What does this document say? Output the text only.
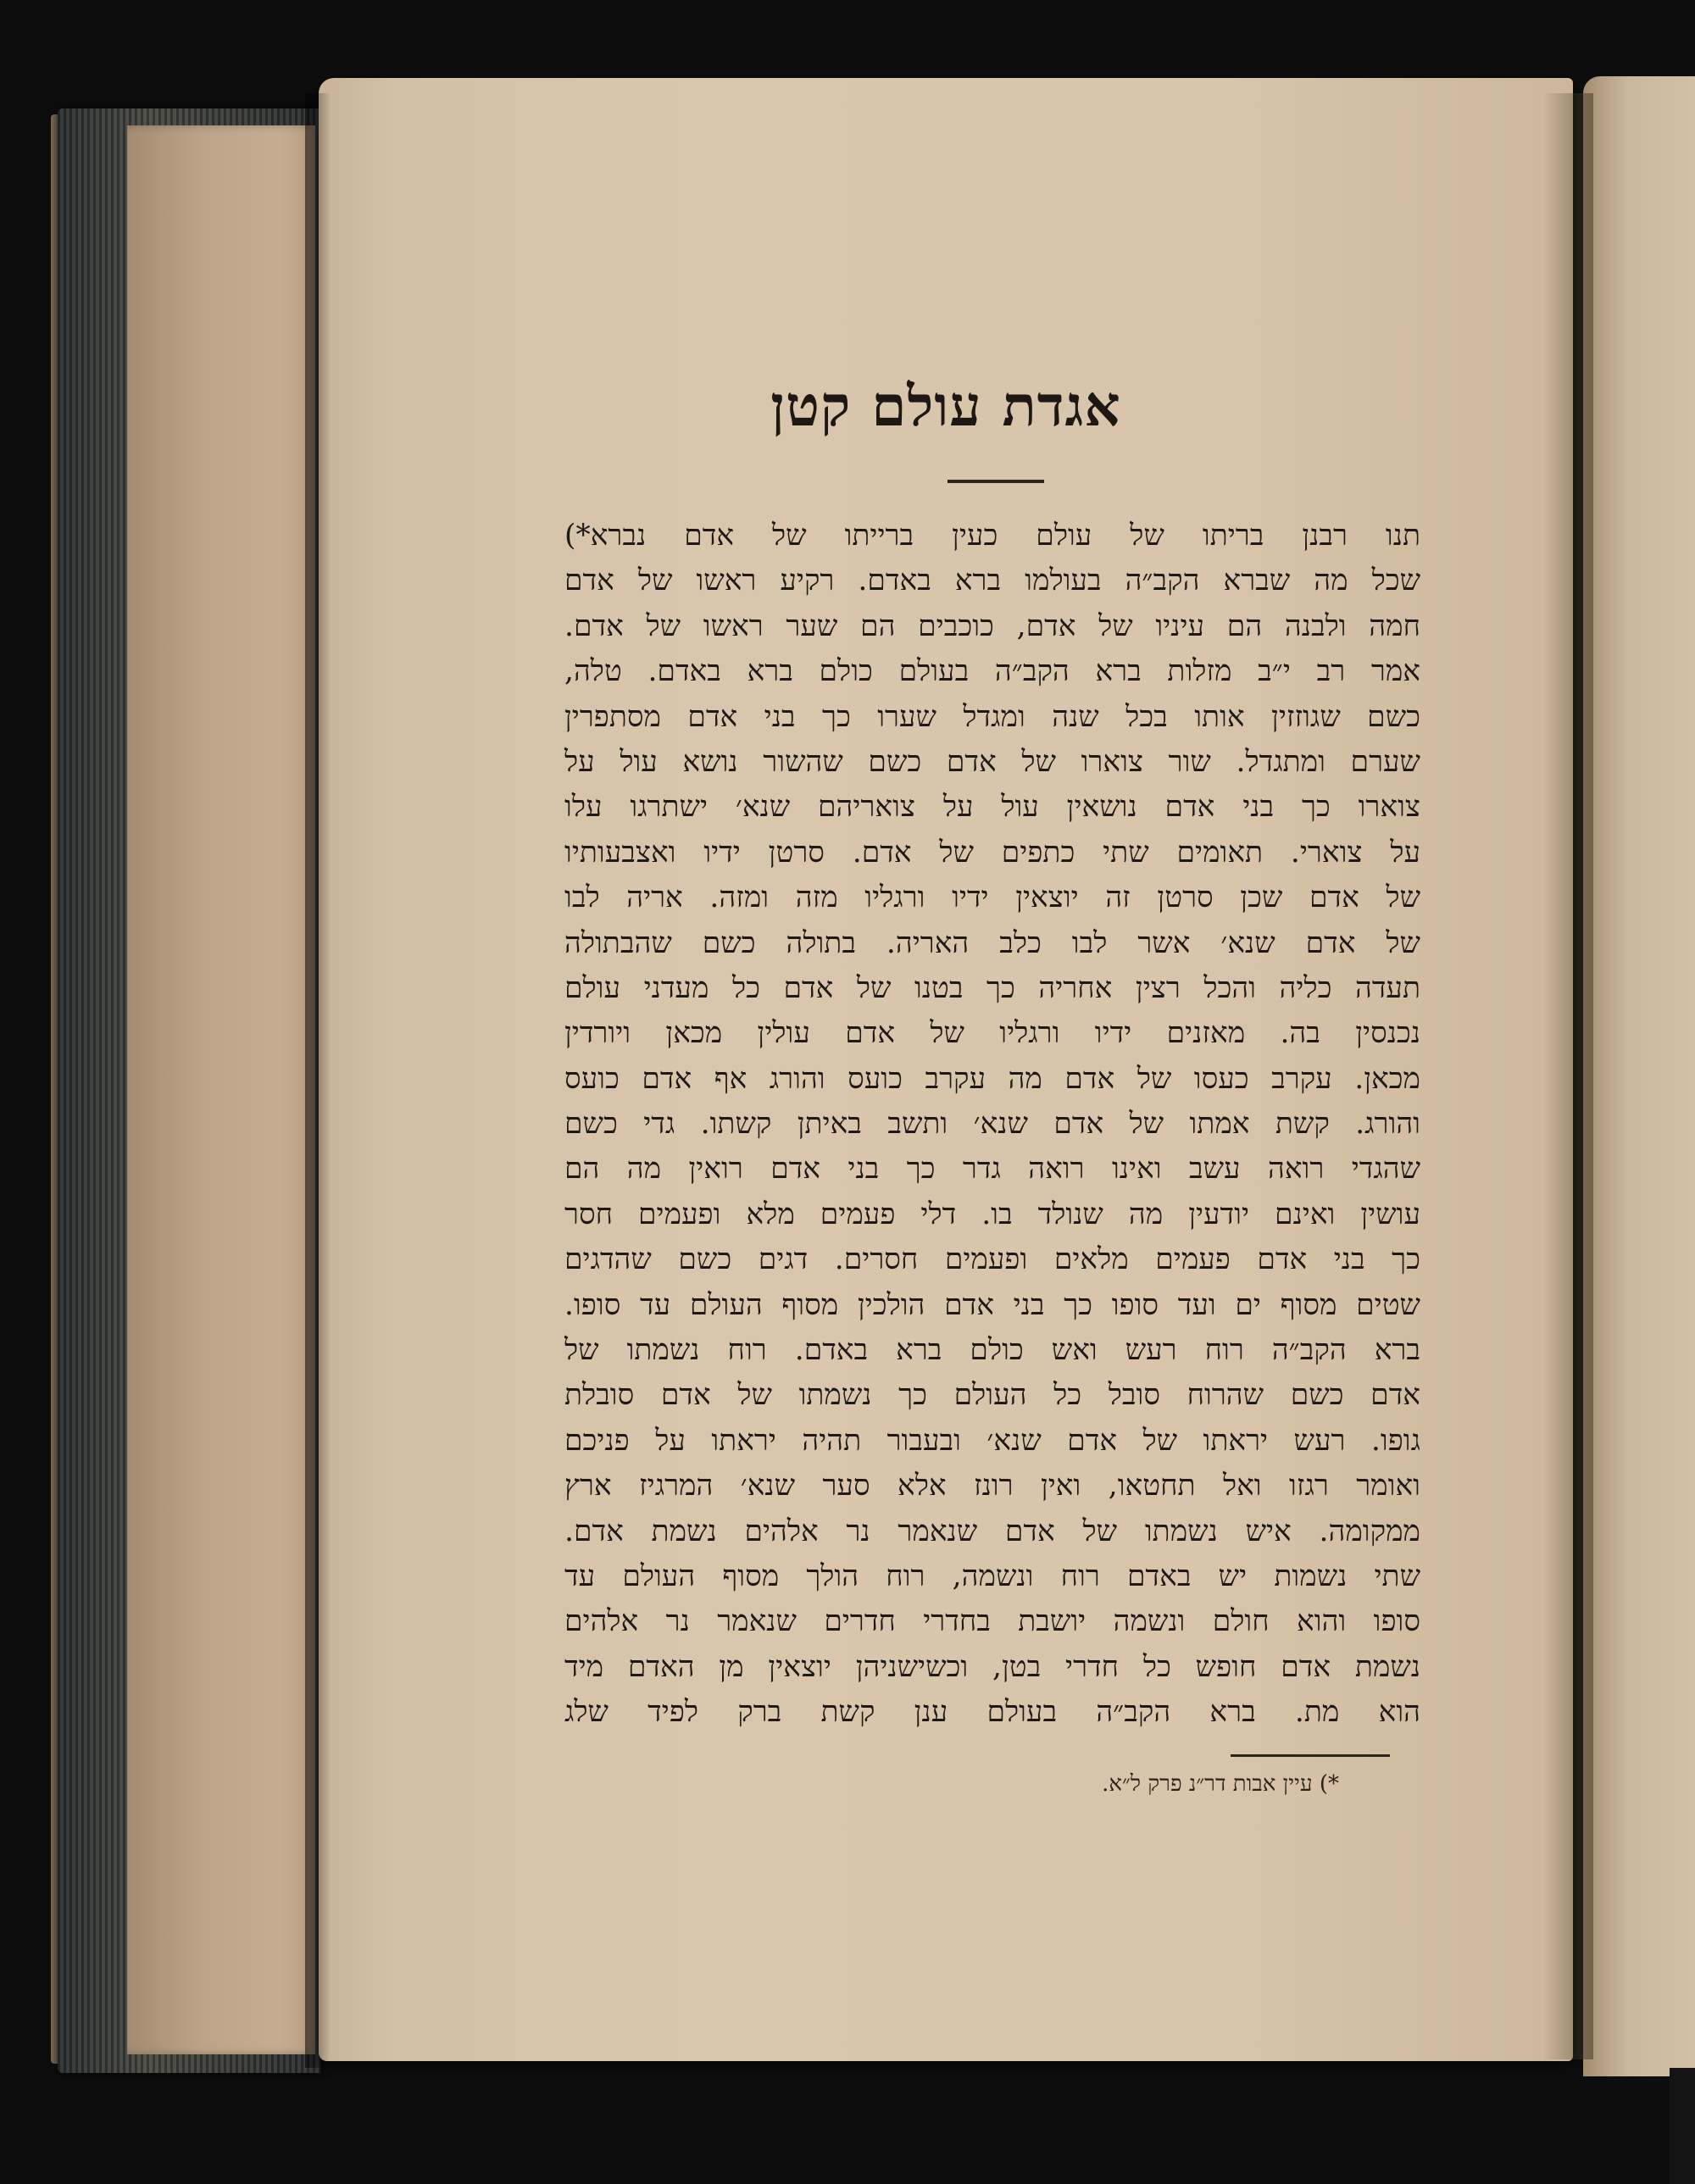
אגדת עולם קטן
תנו רבנן בריתו של עולם כעין ברייתו של אדם נברא*)
שכל מה שברא הקב״ה בעולמו ברא באדם. רקיע ראשו של אדם
חמה ולבנה הם עיניו של אדם, כוכבים הם שער ראשו של אדם.
אמר רב י״ב מזלות ברא הקב״ה בעולם כולם ברא באדם. טלה,
כשם שגוזזין אותו בכל שנה ומגדל שערו כך בני אדם מסתפרין
שערם ומתגדל. שור צוארו של אדם כשם שהשור נושא עול על
צוארו כך בני אדם נושאין עול על צואריהם שנא׳ ישתרגו עלו
על צוארי. תאומים שתי כתפים של אדם. סרטן ידיו ואצבעותיו
של אדם שכן סרטן זה יוצאין ידיו ורגליו מזה ומזה. אריה לבו
של אדם שנא׳ אשר לבו כלב האריה. בתולה כשם שהבתולה
תעדה כליה והכל רצין אחריה כך בטנו של אדם כל מעדני עולם
נכנסין בה. מאזנים ידיו ורגליו של אדם עולין מכאן ויורדין
מכאן. עקרב כעסו של אדם מה עקרב כועס והורג אף אדם כועס
והורג. קשת אמתו של אדם שנא׳ ותשב באיתן קשתו. גדי כשם
שהגדי רואה עשב ואינו רואה גדר כך בני אדם רואין מה הם
עושין ואינם יודעין מה שנולד בו. דלי פעמים מלא ופעמים חסר
כך בני אדם פעמים מלאים ופעמים חסרים. דגים כשם שהדגים
שטים מסוף ים ועד סופו כך בני אדם הולכין מסוף העולם עד סופו.
ברא הקב״ה רוח רעש ואש כולם ברא באדם. רוח נשמתו של
אדם כשם שהרוח סובל כל העולם כך נשמתו של אדם סובלת
גופו. רעש יראתו של אדם שנא׳ ובעבור תהיה יראתו על פניכם
ואומר רגזו ואל תחטאו, ואין רונז אלא סער שנא׳ המרגיז ארץ
ממקומה. איש נשמתו של אדם שנאמר נר אלהים נשמת אדם.
שתי נשמות יש באדם רוח ונשמה, רוח הולך מסוף העולם עד
סופו והוא חולם ונשמה יושבת בחדרי חדרים שנאמר נר אלהים
נשמת אדם חופש כל חדרי בטן, וכשישניהן יוצאין מן האדם מיד
הוא מת. ברא הקב״ה בעולם ענן קשת ברק לפיד שלג
*) עיין אבות דר״נ פרק ל״א.
